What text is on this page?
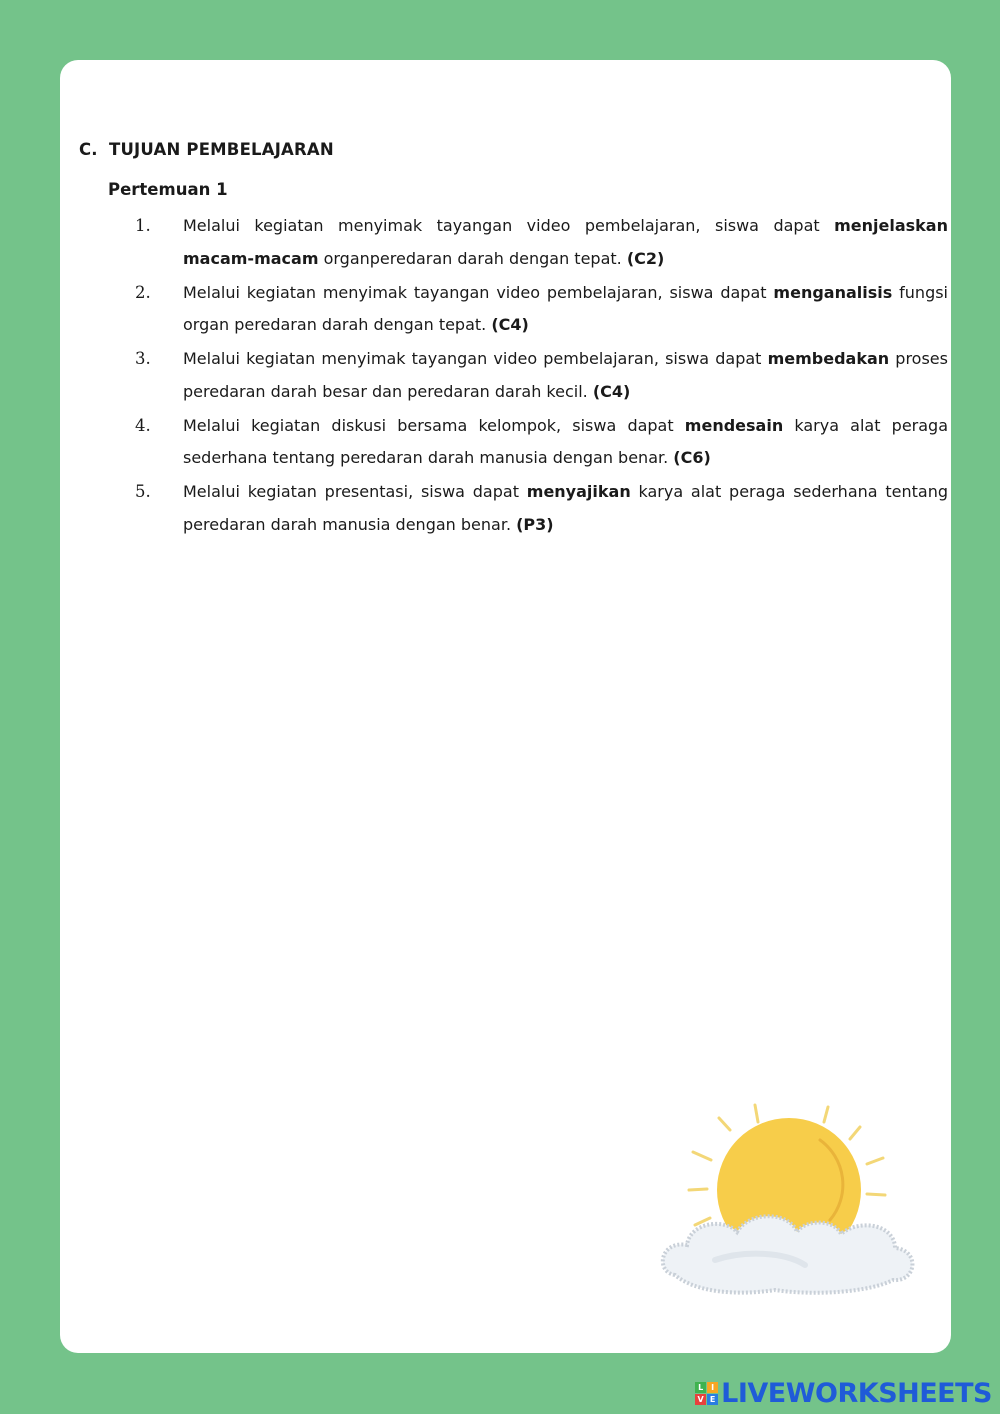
C. TUJUAN PEMBELAJARAN
Pertemuan 1
1. Melalui kegiatan menyimak tayangan video pembelajaran, siswa dapat menjelaskan macam-macam organperedaran darah dengan tepat. (C2)
2. Melalui kegiatan menyimak tayangan video pembelajaran, siswa dapat menganalisis fungsi organ peredaran darah dengan tepat. (C4)
3. Melalui kegiatan menyimak tayangan video pembelajaran, siswa dapat membedakan proses peredaran darah besar dan peredaran darah kecil. (C4)
4. Melalui kegiatan diskusi bersama kelompok, siswa dapat mendesain karya alat peraga sederhana tentang peredaran darah manusia dengan benar. (C6)
5. Melalui kegiatan presentasi, siswa dapat menyajikan karya alat peraga sederhana tentang peredaran darah manusia dengan benar. (P3)
L I
V E LIVEWORKSHEETS
